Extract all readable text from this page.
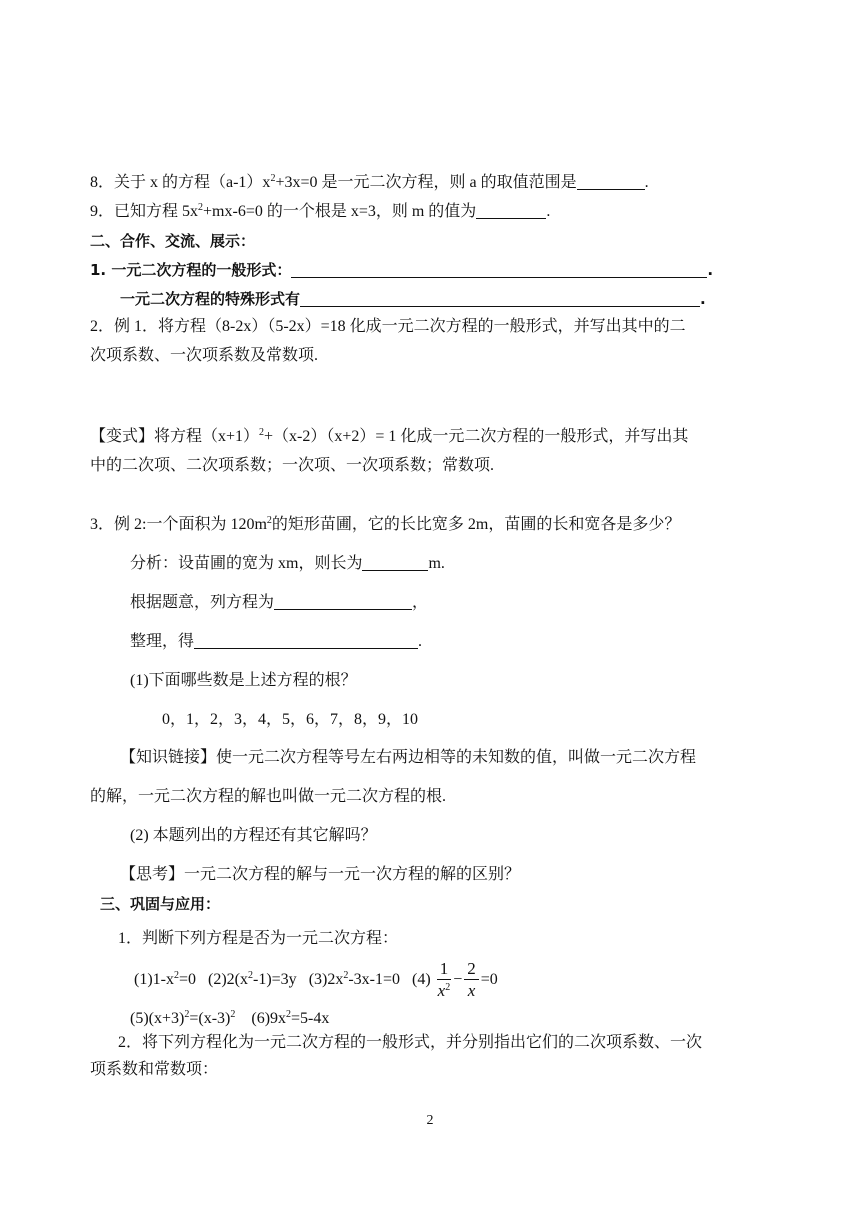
8．关于 x 的方程$(a-1)x^2+3x=0$ 是一元二次方程，则 a 的取值范围是	.
9．已知方程 $5x^2+mx-6=0$ 的一个根是 x=3，则 m 的值为	.
二、合作、交流、展示：
1. 一元二次方程的一般形式：	.
一元二次方程的特殊形式有	.
2．例 1．将方程（8-2x）（5-2x）=18 化成一元二次方程的一般形式，并写出其中的二
次项系数、一次项系数及常数项.
【变式】将方程$(x+1)^2+(x-2)(x+2)= 1$ 化成一元二次方程的一般形式，并写出其
中的二次项、二次项系数；一次项、一次项系数；常数项.
3．例 2:一个面积为 $120m^2$的矩形苗圃，它的长比宽多 2m，苗圃的长和宽各是多少？
分析：设苗圃的宽为 xm，则长为	m.
根据题意，列方程为	，
整理，得	.
(1)下面哪些数是上述方程的根？
0，1，2，3，4，5，6，7，8，9，10
【知识链接】使一元二次方程等号左右两边相等的未知数的值，叫做一元二次方程
的解，一元二次方程的解也叫做一元二次方程的根.
(2) 本题列出的方程还有其它解吗？
【思考】一元二次方程的解与一元一次方程的解的区别？
三、巩固与应用：
1．判断下列方程是否为一元二次方程：
$(1)1-x^2=0$ $(2)2(x^2-1)=3y$ $(3)2x^2-3x-1=0$ $(4) \frac{1}{x^2} - \frac{2}{x} =0$
$(5)(x+3)^2=(x-3)^2$ $(6)9x^2=5-4x$
2．将下列方程化为一元二次方程的一般形式，并分别指出它们的二次项系数、一次
项系数和常数项：
2
